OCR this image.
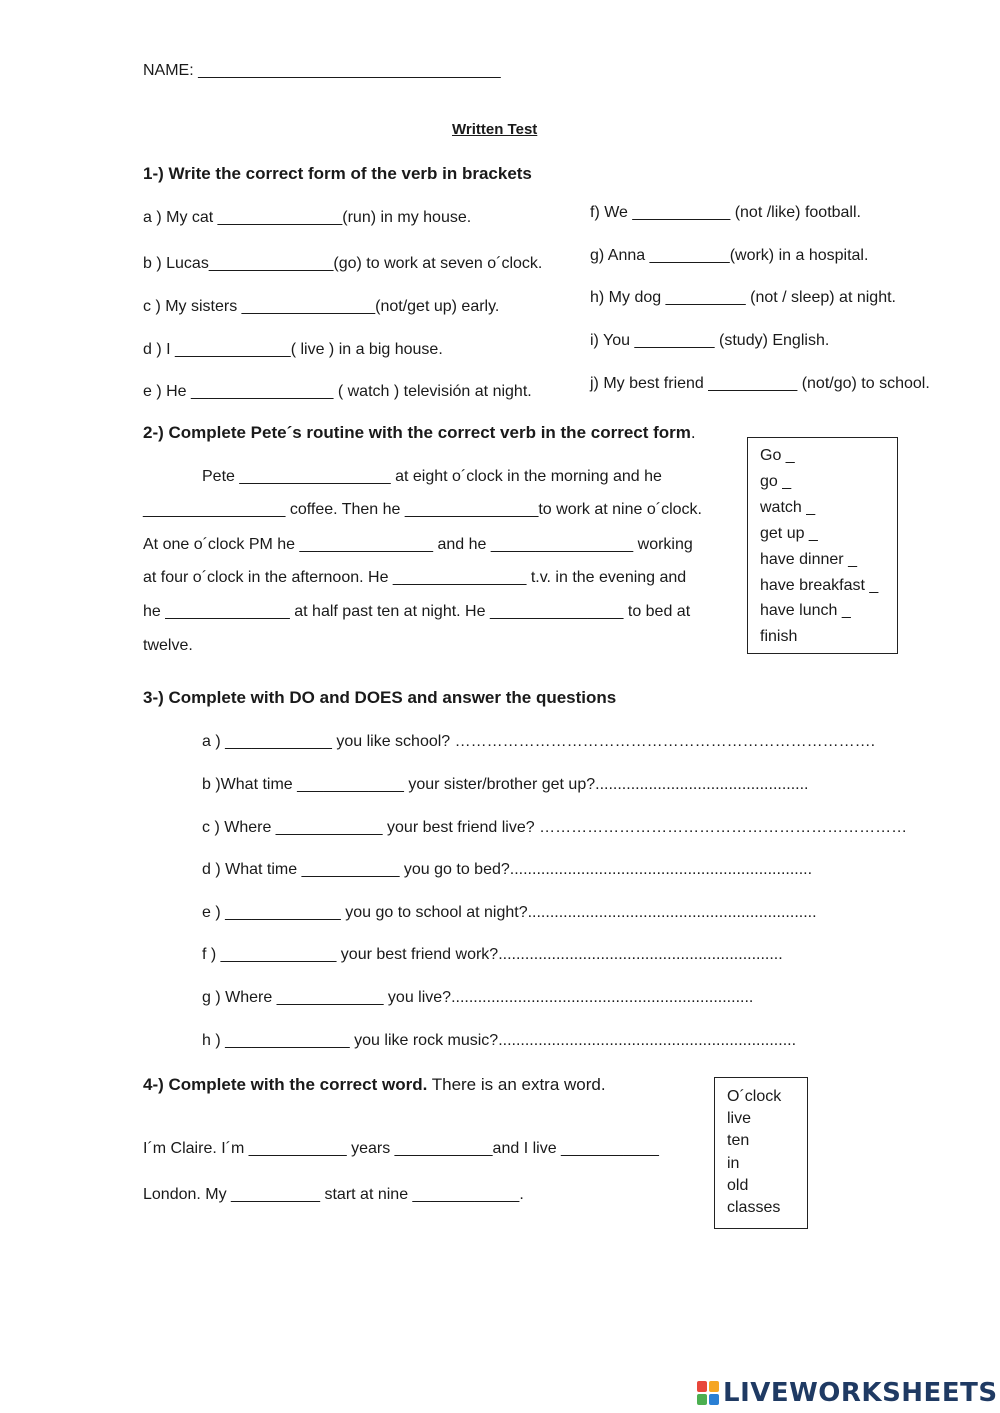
NAME: __________________________________
Written Test
1-) Write the correct form of the verb in brackets
a ) My cat ______________(run) in my house.
b ) Lucas______________(go) to work at seven o´clock.
c ) My sisters _______________(not/get up) early.
d ) I _____________( live ) in a big house.
e ) He ________________ ( watch ) televisión at night.
f) We ___________ (not /like) football.
g) Anna _________(work) in a hospital.
h) My dog _________ (not / sleep) at night.
i) You _________ (study) English.
j) My best friend __________ (not/go) to school.
2-) Complete Pete´s routine with the correct verb in the correct form.
Pete _________________ at eight o´clock in the morning and he
________________ coffee. Then he _______________to work at nine o´clock.
At one o´clock PM he _______________ and he ________________ working
at four o´clock in the afternoon. He _______________ t.v. in the evening and
he ______________ at half past ten at night. He _______________ to bed at
twelve.
Go _
go _
watch _
get up _
have dinner _
have breakfast _
have lunch _
finish
3-) Complete with DO and DOES and answer the questions
a ) ____________ you like school? …………………………………………………………………….
b )What time ____________ your sister/brother get up?................................................
c ) Where ____________ your best friend live? ……………………………………………………………
d ) What time ___________ you go to bed?....................................................................
e ) _____________ you go to school at night?.................................................................
f ) _____________ your best friend work?................................................................
g ) Where ____________ you live?....................................................................
h ) ______________ you like rock music?...................................................................
4-) Complete with the correct word. There is an extra word.
I´m Claire. I´m ___________ years ___________and I live ___________
London. My __________ start at nine ____________.
O´clock
live
ten
in
old
classes
LIVEWORKSHEETS
